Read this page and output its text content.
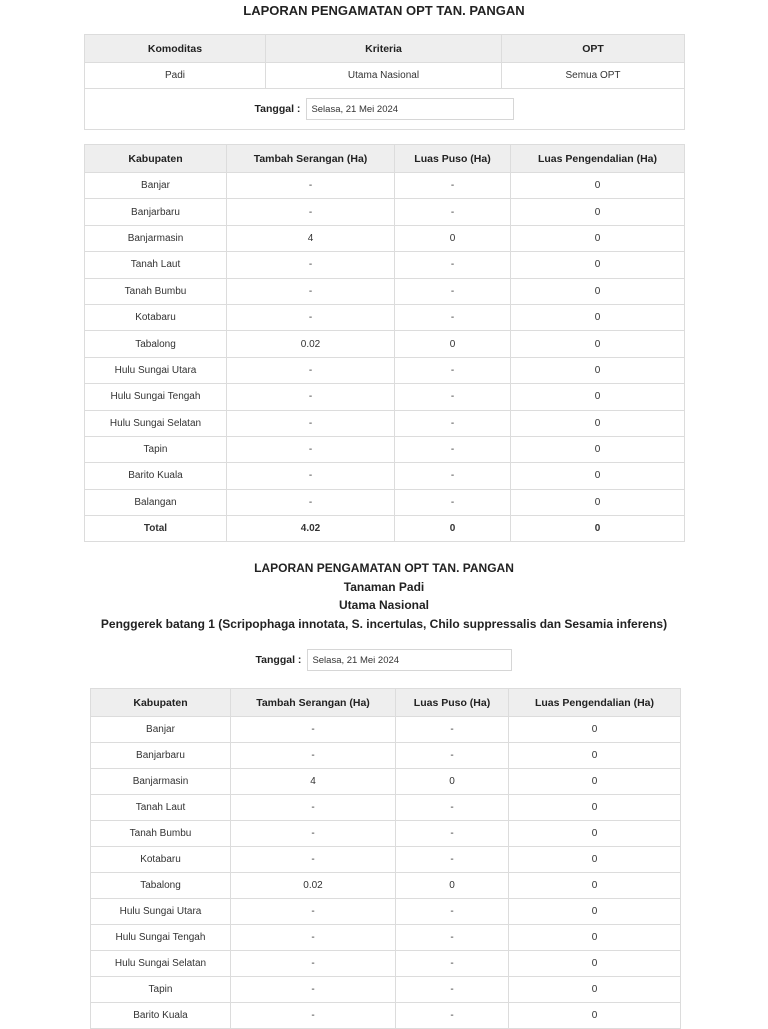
LAPORAN PENGAMATAN OPT TAN. PANGAN
Komoditas	Kriteria	OPT
Padi	Utama Nasional	Semua OPT

Tanggal :
Selasa, 21 Mei 2024
Kabupaten	Tambah Serangan (Ha)	Luas Puso (Ha)	Luas Pengendalian (Ha)
Banjar	-	-	0
Banjarbaru	-	-	0
Banjarmasin	4	0	0
Tanah Laut	-	-	0
Tanah Bumbu	-	-	0
Kotabaru	-	-	0
Tabalong	0.02	0	0
Hulu Sungai Utara	-	-	0
Hulu Sungai Tengah	-	-	0
Hulu Sungai Selatan	-	-	0
Tapin	-	-	0
Barito Kuala	-	-	0
Balangan	-	-	0
Total	4.02	0	0
LAPORAN PENGAMATAN OPT TAN. PANGAN
Tanaman Padi
Utama Nasional
Penggerek batang 1 (Scripophaga innotata, S. incertulas, Chilo suppressalis dan Sesamia inferens)
Tanggal :
Selasa, 21 Mei 2024
Kabupaten	Tambah Serangan (Ha)	Luas Puso (Ha)	Luas Pengendalian (Ha)
Banjar	-	-	0
Banjarbaru	-	-	0
Banjarmasin	4	0	0
Tanah Laut	-	-	0
Tanah Bumbu	-	-	0
Kotabaru	-	-	0
Tabalong	0.02	0	0
Hulu Sungai Utara	-	-	0
Hulu Sungai Tengah	-	-	0
Hulu Sungai Selatan	-	-	0
Tapin	-	-	0
Barito Kuala	-	-	0
